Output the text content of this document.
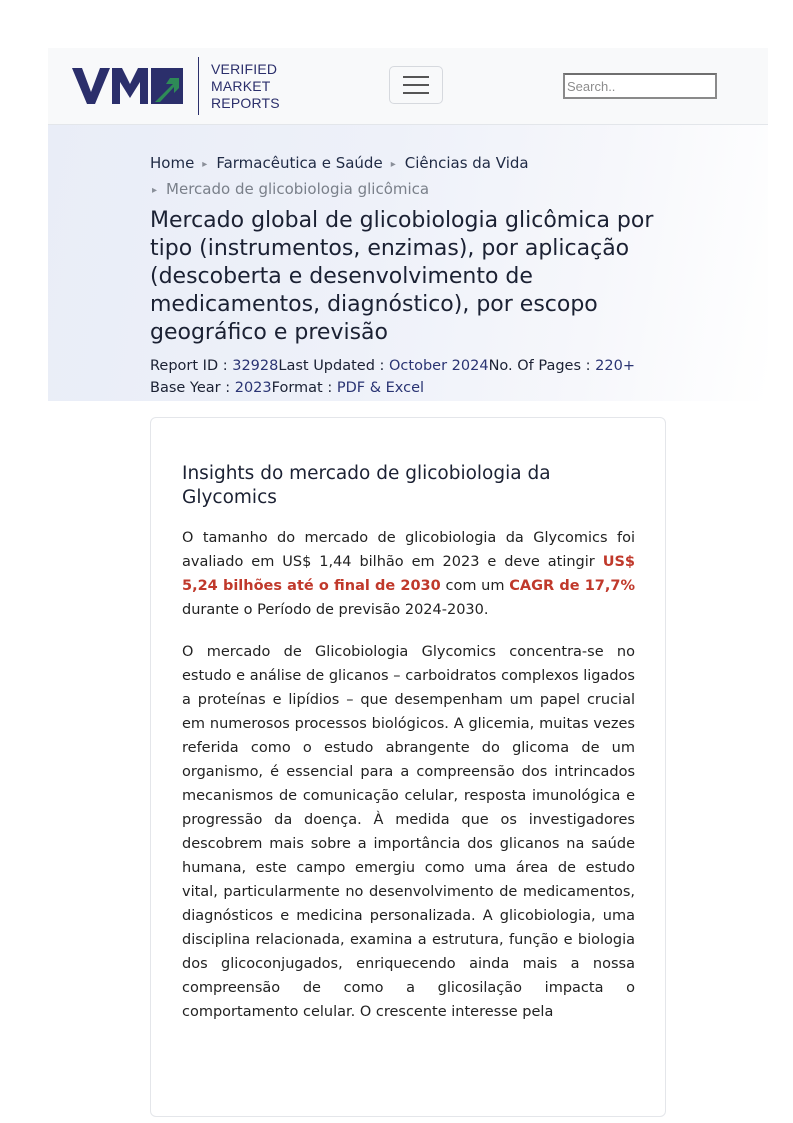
VERIFIED
MARKET
REPORTS
Search..
Home ▸ Farmacêutica e Saúde ▸ Ciências da Vida
▸ Mercado de glicobiologia glicômica
Mercado global de glicobiologia glicômica por tipo (instrumentos, enzimas), por aplicação (descoberta e desenvolvimento de medicamentos, diagnóstico), por escopo geográfico e previsão
Report ID : 32928Last Updated : October 2024No. Of Pages : 220+
Base Year : 2023Format : PDF & Excel
Insights do mercado de glicobiologia da Glycomics

O tamanho do mercado de glicobiologia da Glycomics foi avaliado em US$ 1,44 bilhão em 2023 e deve atingir US$ 5,24 bilhões até o final de 2030 com um CAGR de 17,7% durante o Período de previsão 2024-2030.

O mercado de Glicobiologia Glycomics concentra-se no estudo e análise de glicanos – carboidratos complexos ligados a proteínas e lipídios – que desempenham um papel crucial em numerosos processos biológicos. A glicemia, muitas vezes referida como o estudo abrangente do glicoma de um organismo, é essencial para a compreensão dos intrincados mecanismos de comunicação celular, resposta imunológica e progressão da doença. À medida que os investigadores descobrem mais sobre a importância dos glicanos na saúde humana, este campo emergiu como uma área de estudo vital, particularmente no desenvolvimento de medicamentos, diagnósticos e medicina personalizada. A glicobiologia, uma disciplina relacionada, examina a estrutura, função e biologia dos glicoconjugados, enriquecendo ainda mais a nossa compreensão de como a glicosilação impacta o comportamento celular. O crescente interesse pela
